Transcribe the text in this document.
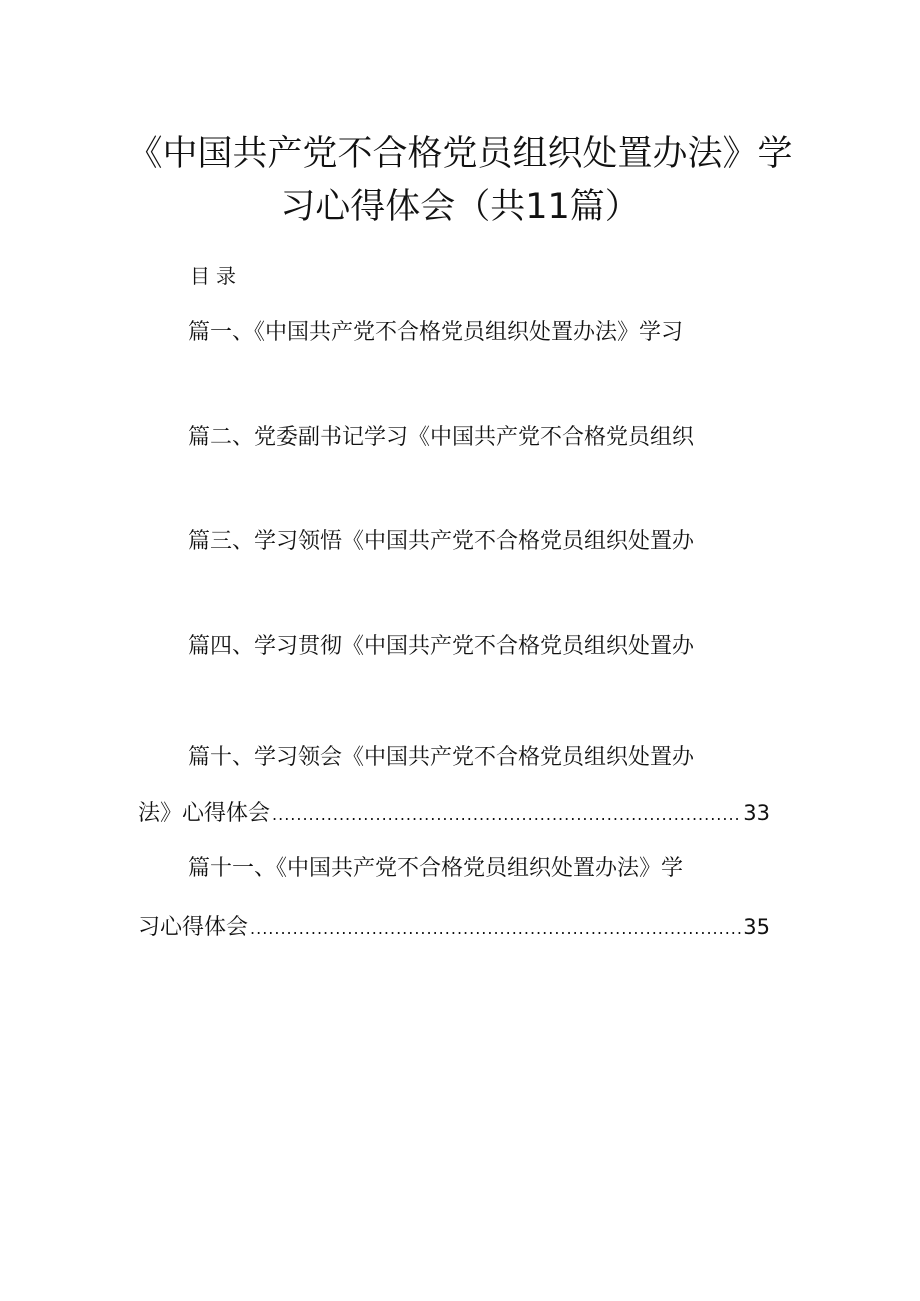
《中国共产党不合格党员组织处置办法》学
习心得体会（共11篇）
目录
篇一、《中国共产党不合格党员组织处置办法》学习
篇二、党委副书记学习《中国共产党不合格党员组织
篇三、学习领悟《中国共产党不合格党员组织处置办
篇四、学习贯彻《中国共产党不合格党员组织处置办
篇十、学习领会《中国共产党不合格党员组织处置办
法》心得体会 .....	33
篇十一、《中国共产党不合格党员组织处置办法》学
习心得体会 .....	35
